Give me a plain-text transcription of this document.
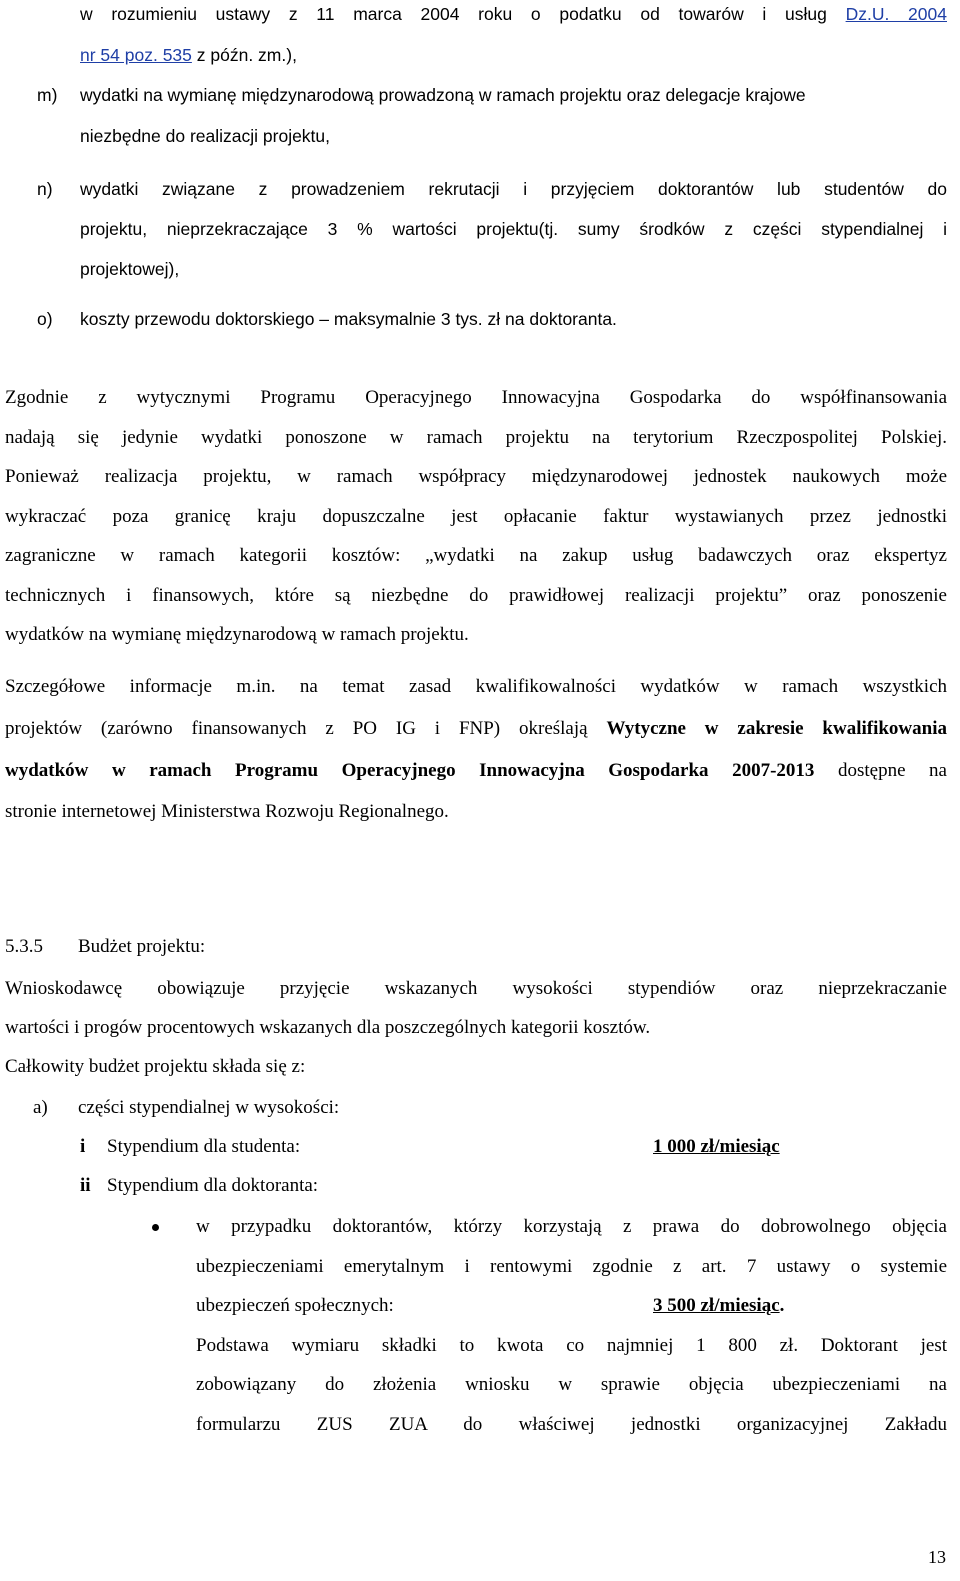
w rozumieniu ustawy z 11 marca 2004 roku o podatku od towarów i usług Dz.U. 2004
nr 54 poz. 535 z późn. zm.),
m) wydatki na wymianę międzynarodową prowadzoną w ramach projektu oraz delegacje krajowe
niezbędne do realizacji projektu,
n) wydatki związane z prowadzeniem rekrutacji i przyjęciem doktorantów lub studentów do
projektu, nieprzekraczające 3 % wartości projektu(tj. sumy środków z części stypendialnej i
projektowej),
o) koszty przewodu doktorskiego – maksymalnie 3 tys. zł na doktoranta.
Zgodnie z wytycznymi Programu Operacyjnego Innowacyjna Gospodarka do współfinansowania
nadają się jedynie wydatki ponoszone w ramach projektu na terytorium Rzeczpospolitej Polskiej.
Ponieważ realizacja projektu, w ramach współpracy międzynarodowej jednostek naukowych może
wykraczać poza granicę kraju dopuszczalne jest opłacanie faktur wystawianych przez jednostki
zagraniczne w ramach kategorii kosztów: „wydatki na zakup usług badawczych oraz ekspertyz
technicznych i finansowych, które są niezbędne do prawidłowej realizacji projektu” oraz ponoszenie
wydatków na wymianę międzynarodową w ramach projektu.
Szczegółowe informacje m.in. na temat zasad kwalifikowalności wydatków w ramach wszystkich
projektów (zarówno finansowanych z PO IG i FNP) określają Wytyczne w zakresie kwalifikowania
wydatków w ramach Programu Operacyjnego Innowacyjna Gospodarka 2007-2013 dostępne na
stronie internetowej Ministerstwa Rozwoju Regionalnego.
5.3.5 Budżet projektu:
Wnioskodawcę obowiązuje przyjęcie wskazanych wysokości stypendiów oraz nieprzekraczanie
wartości i progów procentowych wskazanych dla poszczególnych kategorii kosztów.
Całkowity budżet projektu składa się z:
a) części stypendialnej w wysokości:
i Stypendium dla studenta:	1 000 zł/miesiąc
ii Stypendium dla doktoranta:
w przypadku doktorantów, którzy korzystają z prawa do dobrowolnego objęcia
ubezpieczeniami emerytalnym i rentowymi zgodnie z art. 7 ustawy o systemie
ubezpieczeń społecznych:	3 500 zł/miesiąc.
Podstawa wymiaru składki to kwota co najmniej 1 800 zł. Doktorant jest
zobowiązany do złożenia wniosku w sprawie objęcia ubezpieczeniami na
formularzu ZUS ZUA do właściwej jednostki organizacyjnej Zakładu
13
